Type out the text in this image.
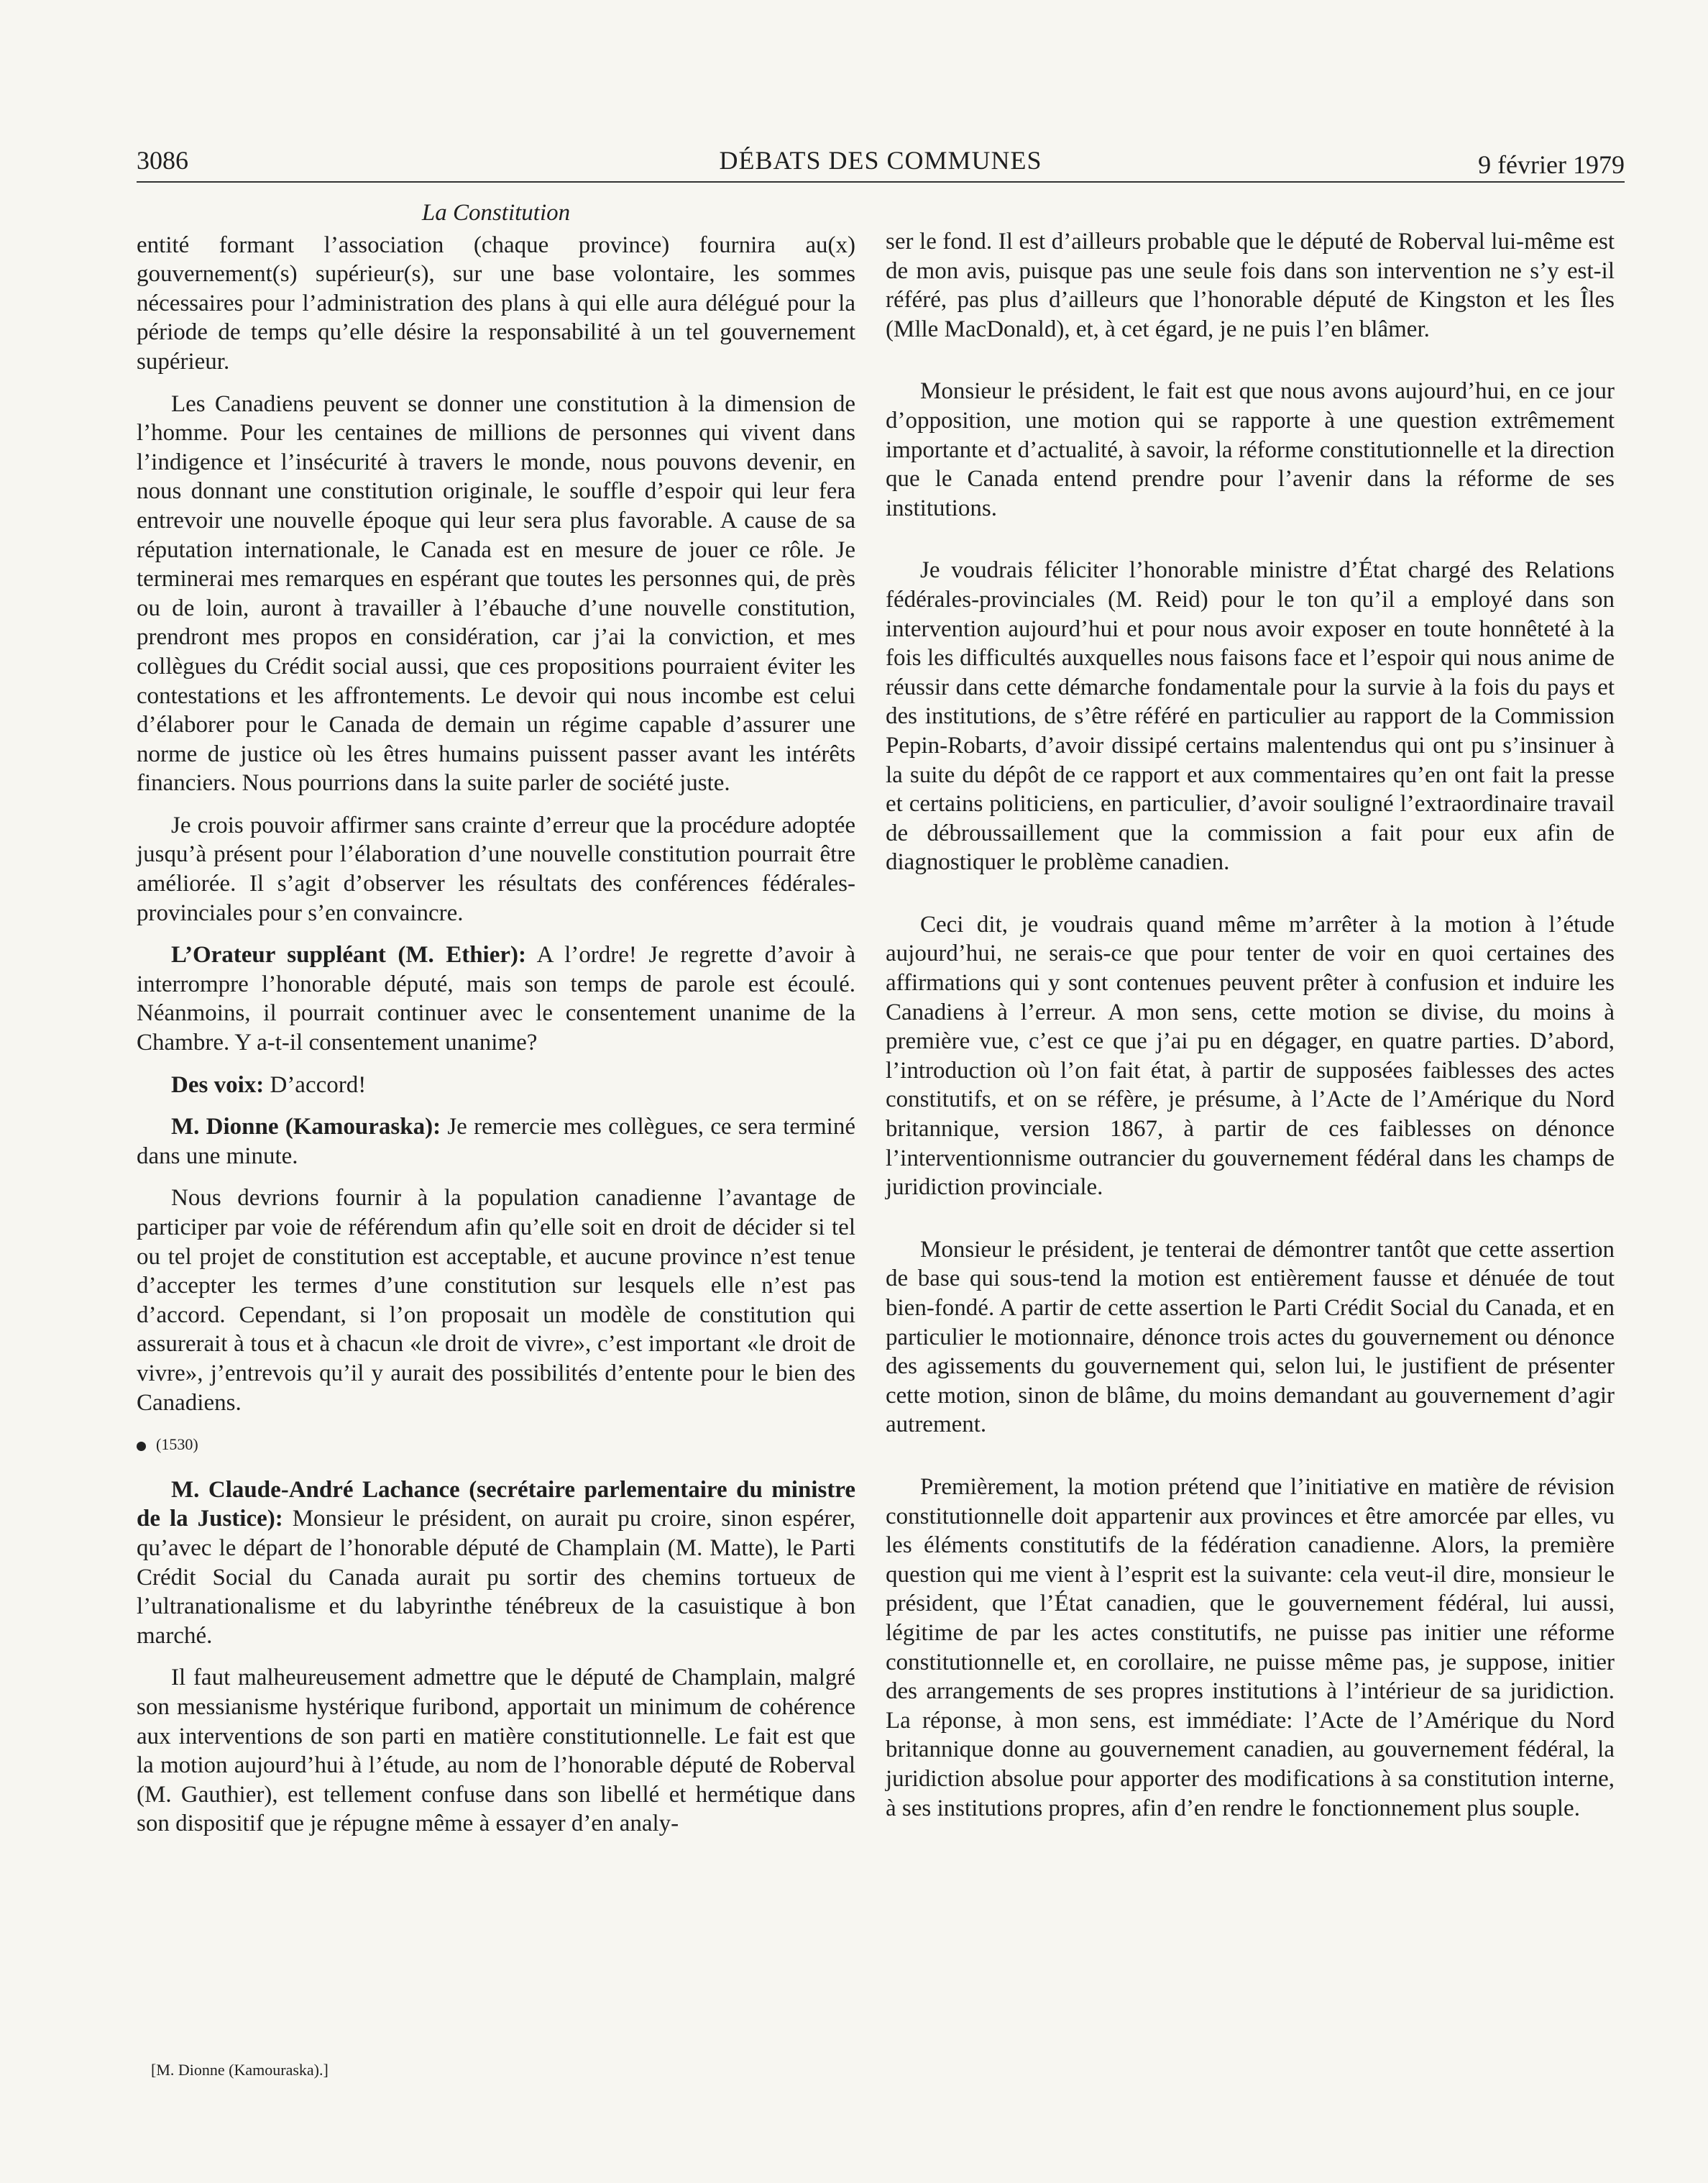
3086	DÉBATS DES COMMUNES	9 février 1979
La Constitution

entité formant l’association (chaque province) fournira au(x) gouvernement(s) supérieur(s), sur une base volontaire, les sommes nécessaires pour l’administration des plans à qui elle aura délégué pour la période de temps qu’elle désire la responsabilité à un tel gouvernement supérieur.

Les Canadiens peuvent se donner une constitution à la dimension de l’homme. Pour les centaines de millions de personnes qui vivent dans l’indigence et l’insécurité à travers le monde, nous pouvons devenir, en nous donnant une constitution originale, le souffle d’espoir qui leur fera entrevoir une nouvelle époque qui leur sera plus favorable. A cause de sa réputation internationale, le Canada est en mesure de jouer ce rôle. Je terminerai mes remarques en espérant que toutes les personnes qui, de près ou de loin, auront à travailler à l’ébauche d’une nouvelle constitution, prendront mes propos en considération, car j’ai la conviction, et mes collègues du Crédit social aussi, que ces propositions pourraient éviter les contestations et les affrontements. Le devoir qui nous incombe est celui d’élaborer pour le Canada de demain un régime capable d’assurer une norme de justice où les êtres humains puissent passer avant les intérêts financiers. Nous pourrions dans la suite parler de société juste.

Je crois pouvoir affirmer sans crainte d’erreur que la procédure adoptée jusqu’à présent pour l’élaboration d’une nouvelle constitution pourrait être améliorée. Il s’agit d’observer les résultats des conférences fédérales-provinciales pour s’en convaincre.

L’Orateur suppléant (M. Ethier): A l’ordre! Je regrette d’avoir à interrompre l’honorable député, mais son temps de parole est écoulé. Néanmoins, il pourrait continuer avec le consentement unanime de la Chambre. Y a-t-il consentement unanime?

Des voix: D’accord!

M. Dionne (Kamouraska): Je remercie mes collègues, ce sera terminé dans une minute.

Nous devrions fournir à la population canadienne l’avantage de participer par voie de référendum afin qu’elle soit en droit de décider si tel ou tel projet de constitution est acceptable, et aucune province n’est tenue d’accepter les termes d’une constitution sur lesquels elle n’est pas d’accord. Cependant, si l’on proposait un modèle de constitution qui assurerait à tous et à chacun «le droit de vivre», c’est important «le droit de vivre», j’entrevois qu’il y aurait des possibilités d’entente pour le bien des Canadiens.

(1530)

M. Claude-André Lachance (secrétaire parlementaire du ministre de la Justice): Monsieur le président, on aurait pu croire, sinon espérer, qu’avec le départ de l’honorable député de Champlain (M. Matte), le Parti Crédit Social du Canada aurait pu sortir des chemins tortueux de l’ultranationalisme et du labyrinthe ténébreux de la casuistique à bon marché.

Il faut malheureusement admettre que le député de Champlain, malgré son messianisme hystérique furibond, apportait un minimum de cohérence aux interventions de son parti en matière constitutionnelle. Le fait est que la motion aujourd’hui à l’étude, au nom de l’honorable député de Roberval (M. Gauthier), est tellement confuse dans son libellé et hermétique dans son dispositif que je répugne même à essayer d’en analy-

ser le fond. Il est d’ailleurs probable que le député de Roberval lui-même est de mon avis, puisque pas une seule fois dans son intervention ne s’y est-il référé, pas plus d’ailleurs que l’honorable député de Kingston et les Îles (Mlle MacDonald), et, à cet égard, je ne puis l’en blâmer.

Monsieur le président, le fait est que nous avons aujourd’hui, en ce jour d’opposition, une motion qui se rapporte à une question extrêmement importante et d’actualité, à savoir, la réforme constitutionnelle et la direction que le Canada entend prendre pour l’avenir dans la réforme de ses institutions.

Je voudrais féliciter l’honorable ministre d’État chargé des Relations fédérales-provinciales (M. Reid) pour le ton qu’il a employé dans son intervention aujourd’hui et pour nous avoir exposer en toute honnêteté à la fois les difficultés auxquelles nous faisons face et l’espoir qui nous anime de réussir dans cette démarche fondamentale pour la survie à la fois du pays et des institutions, de s’être référé en particulier au rapport de la Commission Pepin-Robarts, d’avoir dissipé certains malentendus qui ont pu s’insinuer à la suite du dépôt de ce rapport et aux commentaires qu’en ont fait la presse et certains politiciens, en particulier, d’avoir souligné l’extraordinaire travail de débroussaillement que la commission a fait pour eux afin de diagnostiquer le problème canadien.

Ceci dit, je voudrais quand même m’arrêter à la motion à l’étude aujourd’hui, ne serais-ce que pour tenter de voir en quoi certaines des affirmations qui y sont contenues peuvent prêter à confusion et induire les Canadiens à l’erreur. A mon sens, cette motion se divise, du moins à première vue, c’est ce que j’ai pu en dégager, en quatre parties. D’abord, l’introduction où l’on fait état, à partir de supposées faiblesses des actes constitutifs, et on se réfère, je présume, à l’Acte de l’Amérique du Nord britannique, version 1867, à partir de ces faiblesses on dénonce l’interventionnisme outrancier du gouvernement fédéral dans les champs de juridiction provinciale.

Monsieur le président, je tenterai de démontrer tantôt que cette assertion de base qui sous-tend la motion est entièrement fausse et dénuée de tout bien-fondé. A partir de cette assertion le Parti Crédit Social du Canada, et en particulier le motionnaire, dénonce trois actes du gouvernement ou dénonce des agissements du gouvernement qui, selon lui, le justifient de présenter cette motion, sinon de blâme, du moins demandant au gouvernement d’agir autrement.

Premièrement, la motion prétend que l’initiative en matière de révision constitutionnelle doit appartenir aux provinces et être amorcée par elles, vu les éléments constitutifs de la fédération canadienne. Alors, la première question qui me vient à l’esprit est la suivante: cela veut-il dire, monsieur le président, que l’État canadien, que le gouvernement fédéral, lui aussi, légitime de par les actes constitutifs, ne puisse pas initier une réforme constitutionnelle et, en corollaire, ne puisse même pas, je suppose, initier des arrangements de ses propres institutions à l’intérieur de sa juridiction. La réponse, à mon sens, est immédiate: l’Acte de l’Amérique du Nord britannique donne au gouvernement canadien, au gouvernement fédéral, la juridiction absolue pour apporter des modifications à sa constitution interne, à ses institutions propres, afin d’en rendre le fonctionnement plus souple.

[M. Dionne (Kamouraska).]
